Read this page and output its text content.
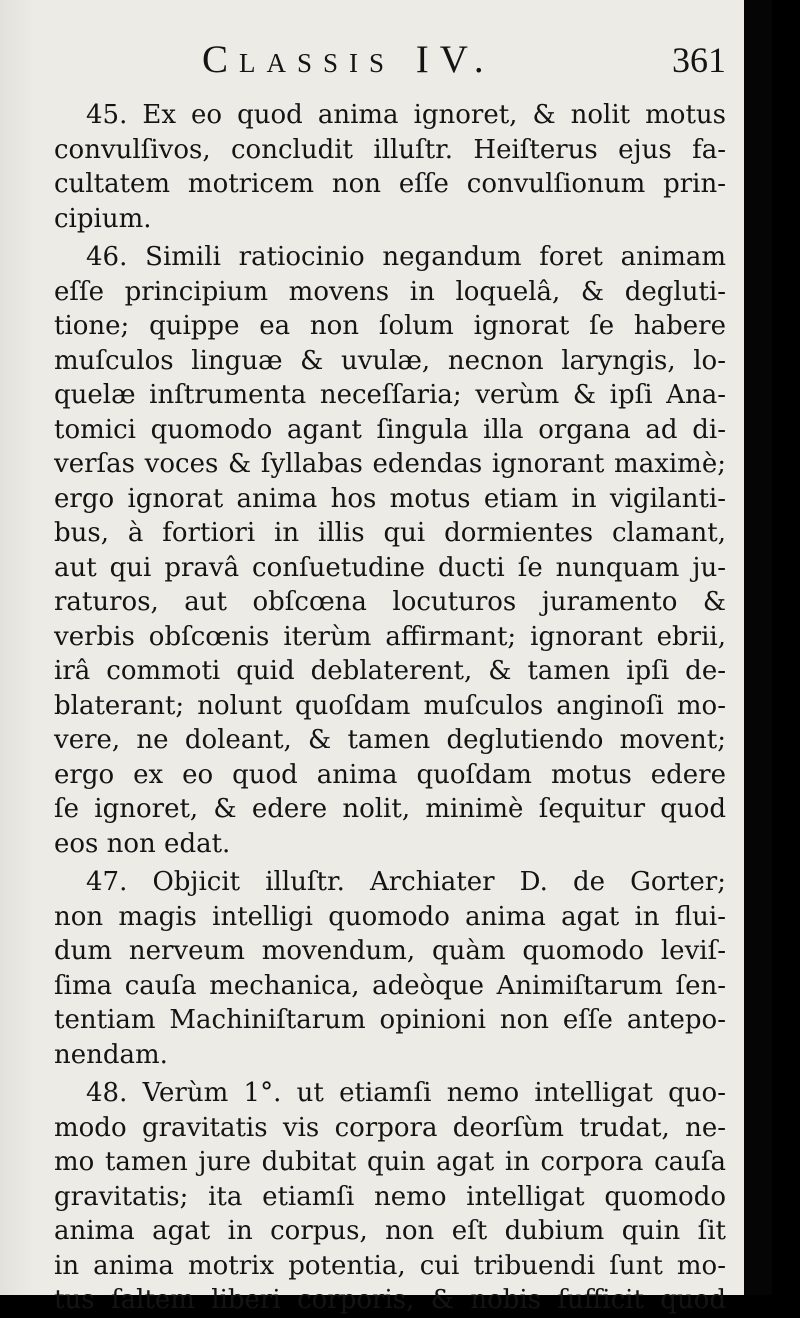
Classis IV.	361
45. Ex eo quod anima ignoret, & nolit motus
convulſivos, concludit illuſtr. Heiſterus ejus fa-
cultatem motricem non eſſe convulſionum prin-
cipium.
46. Simili ratiocinio negandum foret animam
eſſe principium movens in loquelâ, & degluti-
tione; quippe ea non ſolum ignorat ſe habere
muſculos linguæ & uvulæ, necnon laryngis, lo-
quelæ inſtrumenta neceſſaria; verùm & ipſi Ana-
tomici quomodo agant ſingula illa organa ad di-
verſas voces & ſyllabas edendas ignorant maximè;
ergo ignorat anima hos motus etiam in vigilanti-
bus, à fortiori in illis qui dormientes clamant,
aut qui pravâ conſuetudine ducti ſe nunquam ju-
raturos, aut obſcœna locuturos juramento &
verbis obſcœnis iterùm affirmant; ignorant ebrii,
irâ commoti quid deblaterent, & tamen ipſi de-
blaterant; nolunt quoſdam muſculos anginoſi mo-
vere, ne doleant, & tamen deglutiendo movent;
ergo ex eo quod anima quoſdam motus edere
ſe ignoret, & edere nolit, minimè ſequitur quod
eos non edat.
47. Objicit illuſtr. Archiater D. de Gorter;
non magis intelligi quomodo anima agat in flui-
dum nerveum movendum, quàm quomodo leviſ-
ſima cauſa mechanica, adeòque Animiſtarum ſen-
tentiam Machiniſtarum opinioni non eſſe antepo-
nendam.
48. Verùm 1°. ut etiamſi nemo intelligat quo-
modo gravitatis vis corpora deorſùm trudat, ne-
mo tamen jure dubitat quin agat in corpora cauſa
gravitatis; ita etiamſi nemo intelligat quomodo
anima agat in corpus, non eſt dubium quin ſit
in anima motrix potentia, cui tribuendi ſunt mo-
tus ſaltem liberi corporis, & nobis ſufficit quod
